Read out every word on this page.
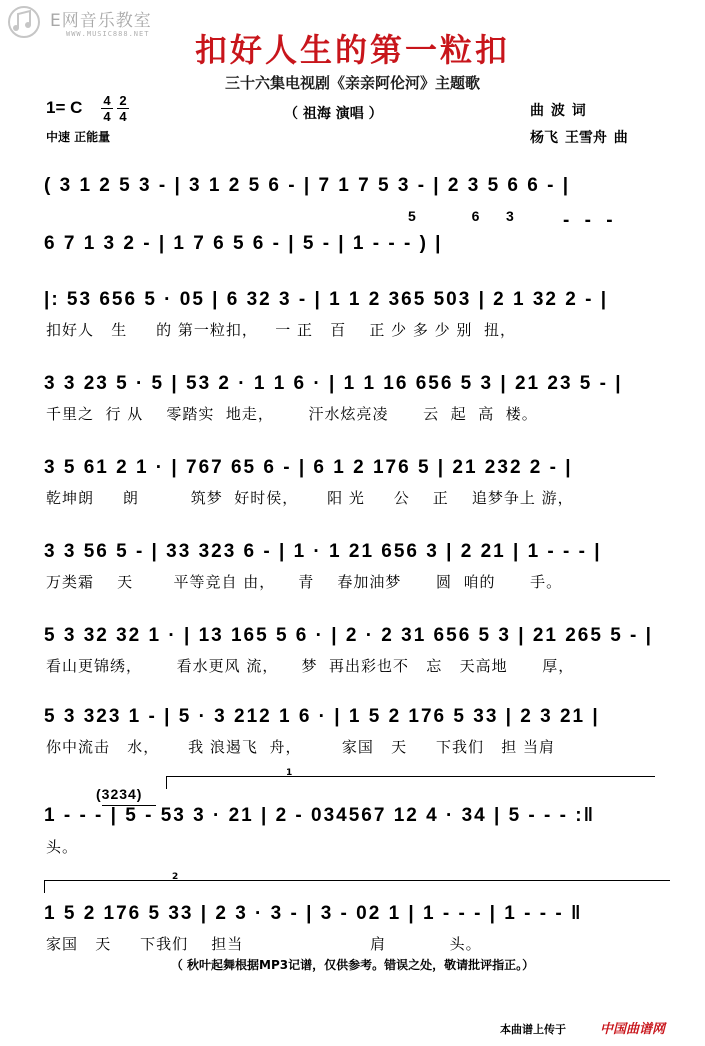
E网音乐教室
WWW.MUSIC888.NET	扣好人生的第一粒扣
三十六集电视剧《亲亲阿伦河》主题歌
1= C 4
4
2
4
中速 正能量
（ 祖海 演唱 ）	曲 波 词
杨飞 王雪舟 曲
( 3 1 2 5 3 - | 3 1 2 5 6 - | 7 1 7 5 3 - | 2 3 5 6 6 - |
5 6 3	- - -
6 7 1 3 2 - | 1 7 6 5 6 - | 5 - | 1 - - - ) |
|: 53 656 5 · 05 | 6 32 3 - | 1 1 2 365 503 | 2 1 32 2 - |
扣好人   生     的 第一粒扣，   一 正   百    正 少 多 少 别  扭，
3 3 23 5 · 5 | 53 2 · 1 1 6 · | 1 1 16 656 5 3 | 21 23 5 - |
千里之  行 从    零踏实  地走，      汗水炫亮凌      云  起  高  楼。
3 5 61 2 1 · | 767 65 6 - | 6 1 2 176 5 | 21 232 2 - |
乾坤朗     朗         筑梦  好时侯，     阳 光     公    正    追梦争上 游，
3 3 56 5 - | 33 323 6 - | 1 · 1 21 656 3 | 2 21 | 1 - - - |
万类霜    天       平等竞自 由，    青    春加油梦      圆  咱的      手。
5 3 32 32 1 · | 13 165 5 6 · | 2 · 2 31 656 5 3 | 21 265 5 - |
看山更锦绣，      看水更风 流，    梦  再出彩也不   忘   天高地      厚，
5 3 323 1 - | 5 · 3 212 1 6 · | 1 5 2 176 5 33 | 2 3 21 |
你中流击   水，     我 浪遏飞  舟，       家国   天     下我们   担 当肩
(3234)
1
1 - - - | 5 - 53 3 · 21 | 2 - 034567 12 4 · 34 | 5 - - - :‖
头。
2
1 5 2 176 5 33 | 2 3 · 3 - | 3 - 02 1 | 1 - - - | 1 - - - ‖
家国   天     下我们    担当                      肩           头。
（ 秋叶起舞根据MP3记谱，仅供参考。错误之处，敬请批评指正。）
本曲谱上传于	中国曲谱网
